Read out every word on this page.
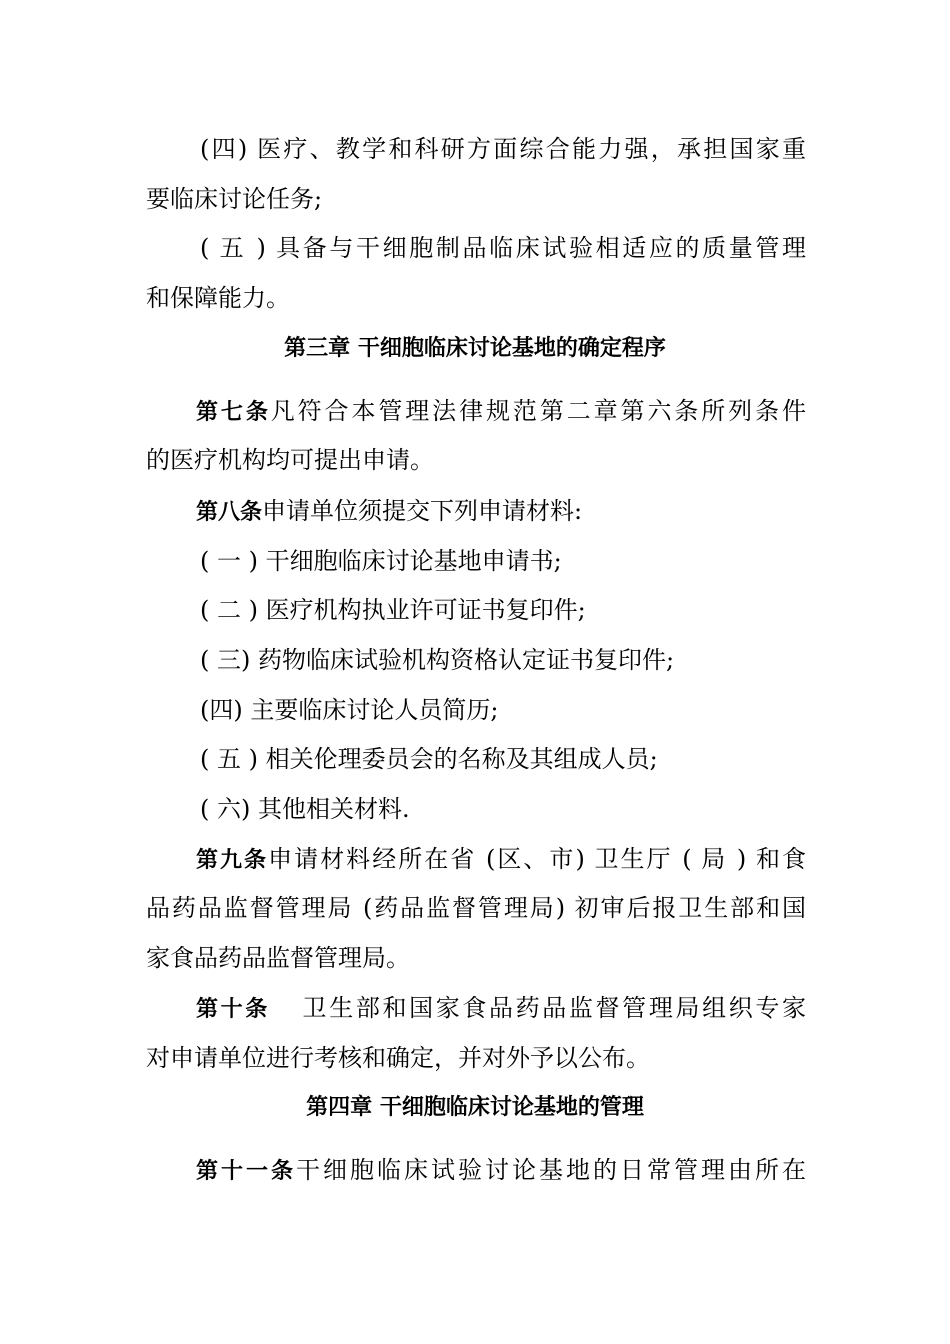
(四) 医疗、教学和科研方面综合能力强，承担国家重
要临床讨论任务;
( 五 ) 具备与干细胞制品临床试验相适应的质量管理
和保障能力。
第三章 干细胞临床讨论基地的确定程序
第七条凡符合本管理法律规范第二章第六条所列条件
的医疗机构均可提出申请。
第八条申请单位须提交下列申请材料:
( 一 ) 干细胞临床讨论基地申请书;
( 二 ) 医疗机构执业许可证书复印件;
( 三) 药物临床试验机构资格认定证书复印件;
(四) 主要临床讨论人员简历;
( 五 ) 相关伦理委员会的名称及其组成人员;
( 六) 其他相关材料.
第九条申请材料经所在省 (区、市) 卫生厅 ( 局 ) 和食
品药品监督管理局 (药品监督管理局) 初审后报卫生部和国
家食品药品监督管理局。
第十条 卫生部和国家食品药品监督管理局组织专家
对申请单位进行考核和确定，并对外予以公布。
第四章 干细胞临床讨论基地的管理
第十一条干细胞临床试验讨论基地的日常管理由所在
